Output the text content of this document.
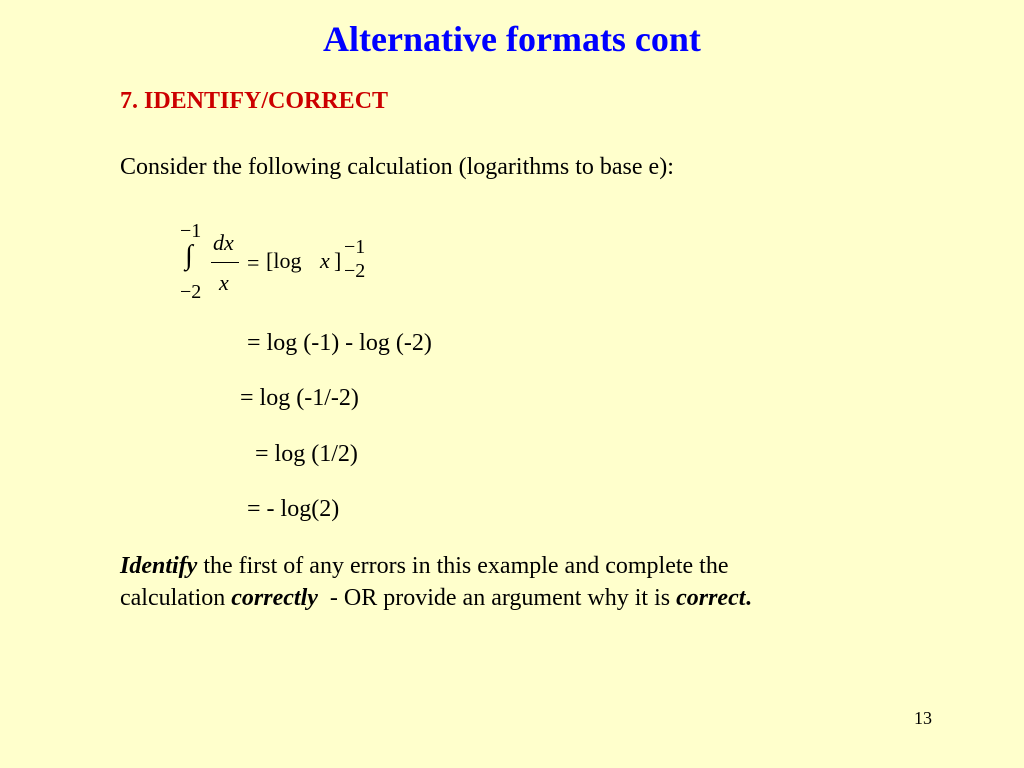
Alternative formats cont
7. IDENTIFY/CORRECT
Consider the following calculation (logarithms to base e):
−1
∫
−2
dx
x
= [log x ]
−1
−2
= log (-1) - log (-2)
= log (-1/-2)
= log (1/2)
= - log(2)
Identify the first of any errors in this example and complete the
calculation correctly  - OR provide an argument why it is correct.
13
